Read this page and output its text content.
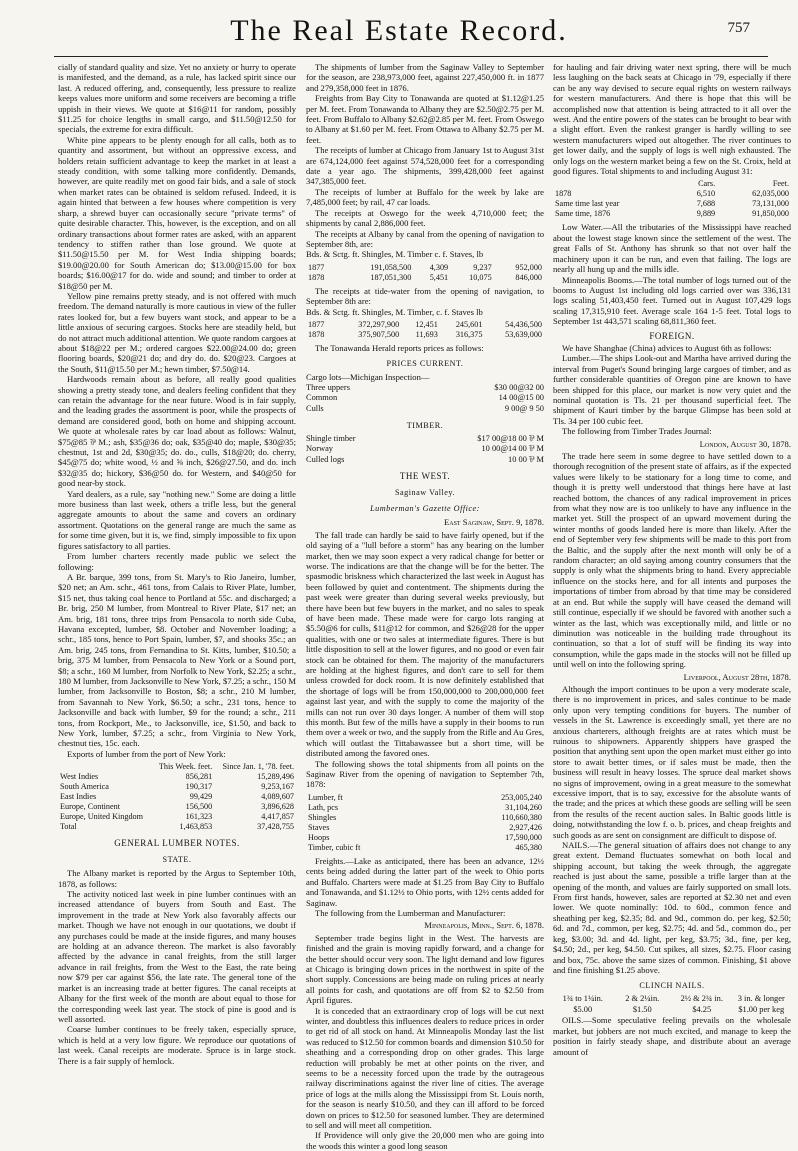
The Real Estate Record.	757

cially of standard quality and size. Yet no anxiety or hurry to operate is manifested, and the demand, as a rule, has lacked spirit since our last. A reduced offering, and, consequently, less pressure to realize keeps values more uniform and some receivers are becoming a trifle uppish in their views. We quote at $16@11 for random, possibly $11.25 for choice lengths in small cargo, and $11.50@12.50 for specials, the extreme for extra difficult.

White pine appears to be plenty enough for all calls, both as to quantity and assortment, but without an oppressive excess, and holders retain sufficient advantage to keep the market in at least a steady condition, with some talking more confidently. Demands, however, are quite readily met on good fair bids, and a sale of stock when market rates can be obtained is seldom refused. Indeed, it is again hinted that between a few houses where competition is very sharp, a shrewd buyer can occasionally secure "private terms" of quite desirable character. This, however, is the exception, and on all ordinary transactions about former rates are asked, with an apparent tendency to stiffen rather than lose ground. We quote at $11.50@15.50 per M. for West India shipping boards; $19.00@20.00 for South American do; $13.00@15.00 for box boards; $16.00@17 for do. wide and sound; and timber to order at $18@50 per M.

Yellow pine remains pretty steady, and is not offered with much freedom. The demand naturally is more cautious in view of the fuller rates looked for, but a few buyers want stock, and appear to be a little anxious of securing cargoes. Stocks here are steadily held, but do not attract much additional attention. We quote random cargoes at about $18@22 per M.; ordered cargoes $22.00@24.00 do; green flooring boards, $20@21 do; and dry do. do. $20@23. Cargoes at the South, $11@15.50 per M.; hewn timber, $7.50@14.

Hardwoods remain about as before, all really good qualities showing a pretty steady tone, and dealers feeling confident that they can retain the advantage for the near future. Wood is in fair supply, and the leading grades the assortment is poor, while the prospects of demand are considered good, both on home and shipping account. We quote at wholesale rates by car load about as follows: Walnut, $75@85 ⅌ M.; ash, $35@36 do; oak, $35@40 do; maple, $30@35; chestnut, 1st and 2d, $30@35; do. do., culls, $18@20; do. cherry, $45@75 do; white wood, ½ and ⅝ inch, $26@27.50, and do. inch $32@35 do; hickory, $36@50 do. for Western, and $40@50 for good near-by stock.

Yard dealers, as a rule, say "nothing new." Some are doing a little more business than last week, others a trifle less, but the general aggregate amounts to about the same and covers an ordinary assortment. Quotations on the general range are much the same as for some time given, but it is, we find, simply impossible to fix upon figures satisfactory to all parties.

From lumber charters recently made public we select the following:

A Br. barque, 399 tons, from St. Mary's to Rio Janeiro, lumber, $20 net; an Am. schr., 461 tons, from Calais to River Plate, lumber, $15 net, thus taking coal hence to Portland at 55c. and discharged; a Br. brig, 250 M lumber, from Montreal to River Plate, $17 net; an Am. brig, 181 tons, three trips from Pensacola to north side Cuba, Havana excepted, lumber, $8. October and November loading; a schr., 185 tons, hence to Port Spain, lumber, $7, and shooks 35c.; an Am. brig, 245 tons, from Fernandina to St. Kitts, lumber, $10.50; a brig, 375 M lumber, from Pensacola to New York or a Sound port, $8; a schr., 160 M lumber, from Norfolk to New York, $2.25; a schr., 180 M lumber, from Jacksonville to New York, $7.25; a schr., 150 M lumber, from Jacksonville to Boston, $8; a schr., 210 M lumber, from Savannah to New York, $6.50; a schr., 231 tons, hence to Jacksonville and back with lumber, $9 for the round; a schr., 211 tons, from Rockport, Me., to Jacksonville, ice, $1.50, and back to New York, lumber, $7.25; a schr., from Virginia to New York, chestnut ties, 15c. each.

Exports of lumber from the port of New York:

	This Week. feet.	Since Jan. 1, '78. feet.
West Indies	856,281	15,289,496
South America	190,317	9,253,167
East Indies	99,429	4,089,607
Europe, Continent	156,500	3,896,628
Europe, United Kingdom	161,323	4,417,857
Total	1,463,853	37,428,755
GENERAL LUMBER NOTES.
STATE.

The Albany market is reported by the Argus to September 10th, 1878, as follows:

The activity noticed last week in pine lumber continues with an increased attendance of buyers from South and East. The improvement in the trade at New York also favorably affects our market. Though we have not enough in our quotations, we doubt if any purchases could be made at the inside figures, and many houses are holding at an advance thereon. The market is also favorably affected by the advance in canal freights, from the still larger advance in rail freights, from the West to the East, the rate being now $79 per car against $56, the late rate. The general tone of the market is an increasing trade at better figures. The canal receipts at Albany for the first week of the month are about equal to those for the corresponding week last year. The stock of pine is good and is well assorted.

Coarse lumber continues to be freely taken, especially spruce, which is held at a very low figure. We reproduce our quotations of last week. Canal receipts are moderate. Spruce is in large stock. There is a fair supply of hemlock.

The shipments of lumber from the Saginaw Valley to September for the season, are 238,973,000 feet, against 227,450,000 ft. in 1877 and 279,358,000 feet in 1876.

Freights from Bay City to Tonawanda are quoted at $1.12@1.25 per M. feet. From Tonawanda to Albany they are $2.50@2.75 per M. feet. From Buffalo to Albany $2.62@2.85 per M. feet. From Oswego to Albany at $1.60 per M. feet. From Ottawa to Albany $2.75 per M. feet.

The receipts of lumber at Chicago from January 1st to August 31st are 674,124,000 feet against 574,528,000 feet for a corresponding date a year ago. The shipments, 399,428,000 feet against 347,385,000 feet.

The receipts of lumber at Buffalo for the week by lake are 7,485,000 feet; by rail, 47 car loads.

The receipts at Oswego for the week 4,710,000 feet; the shipments by canal 2,886,000 feet.

The receipts at Albany by canal from the opening of navigation to September 8th, are:

Bds. & Sctg. ft. Shingles, M. Timber c. f. Staves, lb

1877	191,058,500	4,309	9,237	952,000
1878	187,051,300	5,451	10,075	846,000

The receipts at tide-water from the opening of navigation, to September 8th are:

Bds. & Sctg. ft. Shingles, M. Timber, c. f. Staves lb

1877	372,297,900	12,451	245,601	54,436,500
1878	375,907,500	11,693	316,375	53,639,000

The Tonawanda Herald reports prices as follows:

PRICES CURRENT.

Cargo lots—Michigan Inspection—

Three uppers	$30 00@32 00
Common	14 00@15 00
Culls	9 00@ 9 50
TIMBER.
Shingle timber	$17 00@18 00 ⅌ M
Norway	10 00@14 00 ⅌ M
Culled logs	10 00 ⅌ M
THE WEST.
Saginaw Valley.
Lumberman's Gazette Office:
East Saginaw, Sept. 9, 1878.

The fall trade can hardly be said to have fairly opened, but if the old saying of a "lull before a storm" has any bearing on the lumber market, then we may soon expect a very radical change for better or worse. The indications are that the change will be for the better. The spasmodic briskness which characterized the last week in August has been followed by quiet and contentment. The shipments during the past week were greater than during several weeks previously, but there have been but few buyers in the market, and no sales to speak of have been made. These made were for cargo lots ranging at $5.50@6 for culls, $11@12 for common, and $26@28 for the upper qualities, with one or two sales at intermediate figures. There is but little disposition to sell at the lower figures, and no good or even fair stock can be obtained for them. The majority of the manufacturers are holding at the highest figures, and don't care to sell for them unless crowded for dock room. It is now definitely established that the shortage of logs will be from 150,000,000 to 200,000,000 feet against last year, and with the supply to come the majority of the mills can not run over 30 days longer. A number of them will stop this month. But few of the mills have a supply in their booms to run them over a week or two, and the supply from the Rifle and Au Gres, which will outlast the Tittabawassee but a short time, will be distributed among the favored ones.

The following shows the total shipments from all points on the Saginaw River from the opening of navigation to September 7th, 1878:

Lumber, ft	253,005,240
Lath, pcs	31,104,260
Shingles	110,660,380
Staves	2,927,426
Hoops	17,590,000
Timber, cubic ft	465,380

Freights.—Lake as anticipated, there has been an advance, 12½ cents being added during the latter part of the week to Ohio ports and Buffalo. Charters were made at $1.25 from Bay City to Buffalo and Tonawanda, and $1.12½ to Ohio ports, with 12½ cents added for Saginaw.

The following from the Lumberman and Manufacturer:

Minneapolis, Minn., Sept. 6, 1878.

September trade begins light in the West. The harvests are finished and the grain is moving rapidly forward, and a change for the better should occur very soon. The light demand and low figures at Chicago is bringing down prices in the northwest in spite of the short supply. Concessions are being made on ruling prices at nearly all points for cash, and quotations are off from $2 to $2.50 from April figures.

It is conceded that an extraordinary crop of logs will be cut next winter, and doubtless this influences dealers to reduce prices in order to get rid of all stock on hand. At Minneapolis Monday last the list was reduced to $12.50 for common boards and dimension $10.50 for sheathing and a corresponding drop on other grades. This large reduction will probably be met at other points on the river, and seems to be a necessity forced upon the trade by the outrageous railway discriminations against the river line of cities. The average price of logs at the mills along the Mississippi from St. Louis north, for the season is nearly $10.50, and they can ill afford to be forced down on prices to $12.50 for seasoned lumber. They are determined to sell and will meet all competition.

If Providence will only give the 20,000 men who are going into the woods this winter a good long season

for hauling and fair driving water next spring, there will be much less laughing on the back seats at Chicago in '79, especially if there can be any way devised to secure equal rights on western railways for western manufacturers. And there is hope that this will be accomplished now that attention is being attracted to it all over the west. And the entire powers of the states can be brought to bear with a slight effort. Even the rankest granger is hardly willing to see western manufacturers wiped out altogether. The river continues to get lower daily, and the supply of logs is well nigh exhausted. The only logs on the western market being a few on the St. Croix, held at good figures. Total shipments to and including August 31:

	Cars.	Feet.
1878	6,510	62,035,000
Same time last year	7,688	73,131,000
Same time, 1876	9,889	91,850,000

Low Water.—All the tributaries of the Mississippi have reached about the lowest stage known since the settlement of the west. The great Falls of St. Anthony has shrunk so that not over half the machinery upon it can be run, and even that failing. The logs are nearly all hung up and the mills idle.

Minneapolis Booms.—The total number of logs turned out of the booms to August 1st including old logs carried over was 336,131 logs scaling 51,403,450 feet. Turned out in August 107,429 logs scaling 17,315,910 feet. Average scale 164 1-5 feet. Total logs to September 1st 443,571 scaling 68,811,360 feet.

FOREIGN.

We have Shanghae (China) advices to August 6th as follows:

Lumber.—The ships Look-out and Martha have arrived during the interval from Puget's Sound bringing large cargoes of timber, and as further considerable quantities of Oregon pine are known to have been shipped for this place, our market is now very quiet and the nominal quotation is Tls. 21 per thousand superficial feet. The shipment of Kauri timber by the barque Glimpse has been sold at Tls. 34 per 100 cubic feet.

The following from Timber Trades Journal:

London, August 30, 1878.

The trade here seem in some degree to have settled down to a thorough recognition of the present state of affairs, as if the expected values were likely to be stationary for a long time to come, and though it is pretty well understood that things here have at last reached bottom, the chances of any radical improvement in prices from what they now are is too unlikely to have any influence in the market yet. Still the prospect of an upward movement during the winter months of goods landed here is more than likely. After the end of September very few shipments will be made to this port from the Baltic, and the supply after the next month will only be of a random character; an old saying among country consumers that the supply is only what the shipments bring to hand. Every appreciable influence on the stocks here, and for all intents and purposes the importations of timber from abroad by that time may be considered at an end. But while the supply will have ceased the demand will still continue, especially if we should be favored with another such a winter as the last, which was exceptionally mild, and little or no diminution was noticeable in the building trade throughout its continuation, so that a lot of stuff will be finding its way into consumption, while the gaps made in the stocks will not be filled up until well on into the following spring.

Liverpool, August 28th, 1878.

Although the import continues to be upon a very moderate scale, there is no improvement in prices, and sales continue to be made only upon very tempting conditions for buyers. The number of vessels in the St. Lawrence is exceedingly small, yet there are no anxious charterers, although freights are at rates which must be ruinous to shipowners. Apparently shippers have grasped the position that anything sent upon the open market must either go into store to await better times, or if sales must be made, then the business will result in heavy losses. The spruce deal market shows no signs of improvement, owing in a great measure to the somewhat excessive import, that is to say, excessive for the absolute wants of the trade; and the prices at which these goods are selling will be seen from the results of the recent auction sales. In Baltic goods little is doing, notwithstanding the low f. o. b. prices, and cheap freights and such goods as are sent on consignment are difficult to dispose of.

NAILS.—The general situation of affairs does not change to any great extent. Demand fluctuates somewhat on both local and shipping account, but taking the week through, the aggregate reached is just about the same, possible a trifle larger than at the opening of the month, and values are fairly supported on small lots. From first hands, however, sales are reported at $2.30 net and even lower. We quote nominally: 10d. to 60d., common fence and sheathing per keg, $2.35; 8d. and 9d., common do. per keg, $2.50; 6d. and 7d., common, per keg, $2.75; 4d. and 5d., common do., per keg, $3.00; 3d. and 4d. light, per keg, $3.75; 3d., fine, per keg, $4.50; 2d., per keg, $4.50. Cut spikes, all sizes, $2.75. Floor casing and box, 75c. above the same sizes of common. Finishing, $1 above and fine finishing $1.25 above.

CLINCH NAILS.
1¾ to 1¼in.	2 & 2¼in.	2½ & 2¾ in.	3 in. & longer
$5.00	$1.50	$4.25	$1.00 per keg

OILS.—Some speculative feeling prevails on the wholesale market, but jobbers are not much excited, and manage to keep the position in fairly steady shape, and distribute about an average amount of
